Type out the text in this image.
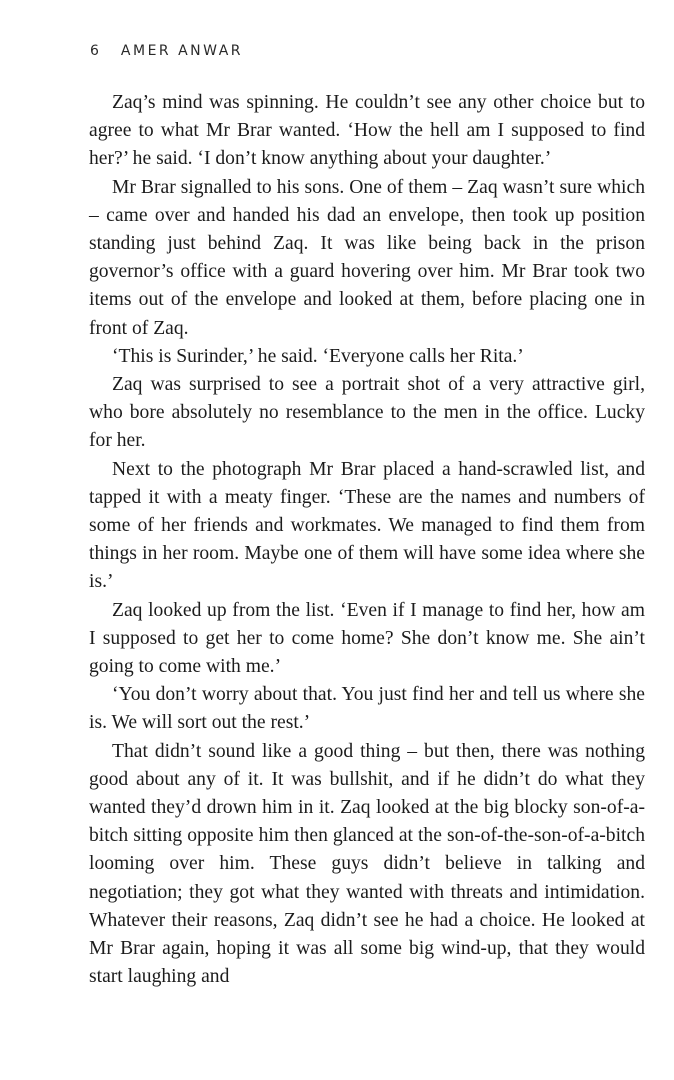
6 AMER ANWAR

Zaq’s mind was spinning. He couldn’t see any other choice but to agree to what Mr Brar wanted. ‘How the hell am I supposed to find her?’ he said. ‘I don’t know anything about your daughter.’

Mr Brar signalled to his sons. One of them – Zaq wasn’t sure which – came over and handed his dad an envelope, then took up position standing just behind Zaq. It was like being back in the prison governor’s office with a guard hovering over him. Mr Brar took two items out of the envelope and looked at them, before placing one in front of Zaq.

‘This is Surinder,’ he said. ‘Everyone calls her Rita.’

Zaq was surprised to see a portrait shot of a very attractive girl, who bore absolutely no resemblance to the men in the office. Lucky for her.

Next to the photograph Mr Brar placed a hand-scrawled list, and tapped it with a meaty finger. ‘These are the names and numbers of some of her friends and workmates. We managed to find them from things in her room. Maybe one of them will have some idea where she is.’

Zaq looked up from the list. ‘Even if I manage to find her, how am I supposed to get her to come home? She don’t know me. She ain’t going to come with me.’

‘You don’t worry about that. You just find her and tell us where she is. We will sort out the rest.’

That didn’t sound like a good thing – but then, there was nothing good about any of it. It was bullshit, and if he didn’t do what they wanted they’d drown him in it. Zaq looked at the big blocky son-of-a-bitch sitting opposite him then glanced at the son-of-the-son-of-a-bitch looming over him. These guys didn’t believe in talking and negotiation; they got what they wanted with threats and intimidation. Whatever their reasons, Zaq didn’t see he had a choice. He looked at Mr Brar again, hoping it was all some big wind-up, that they would start laughing and
